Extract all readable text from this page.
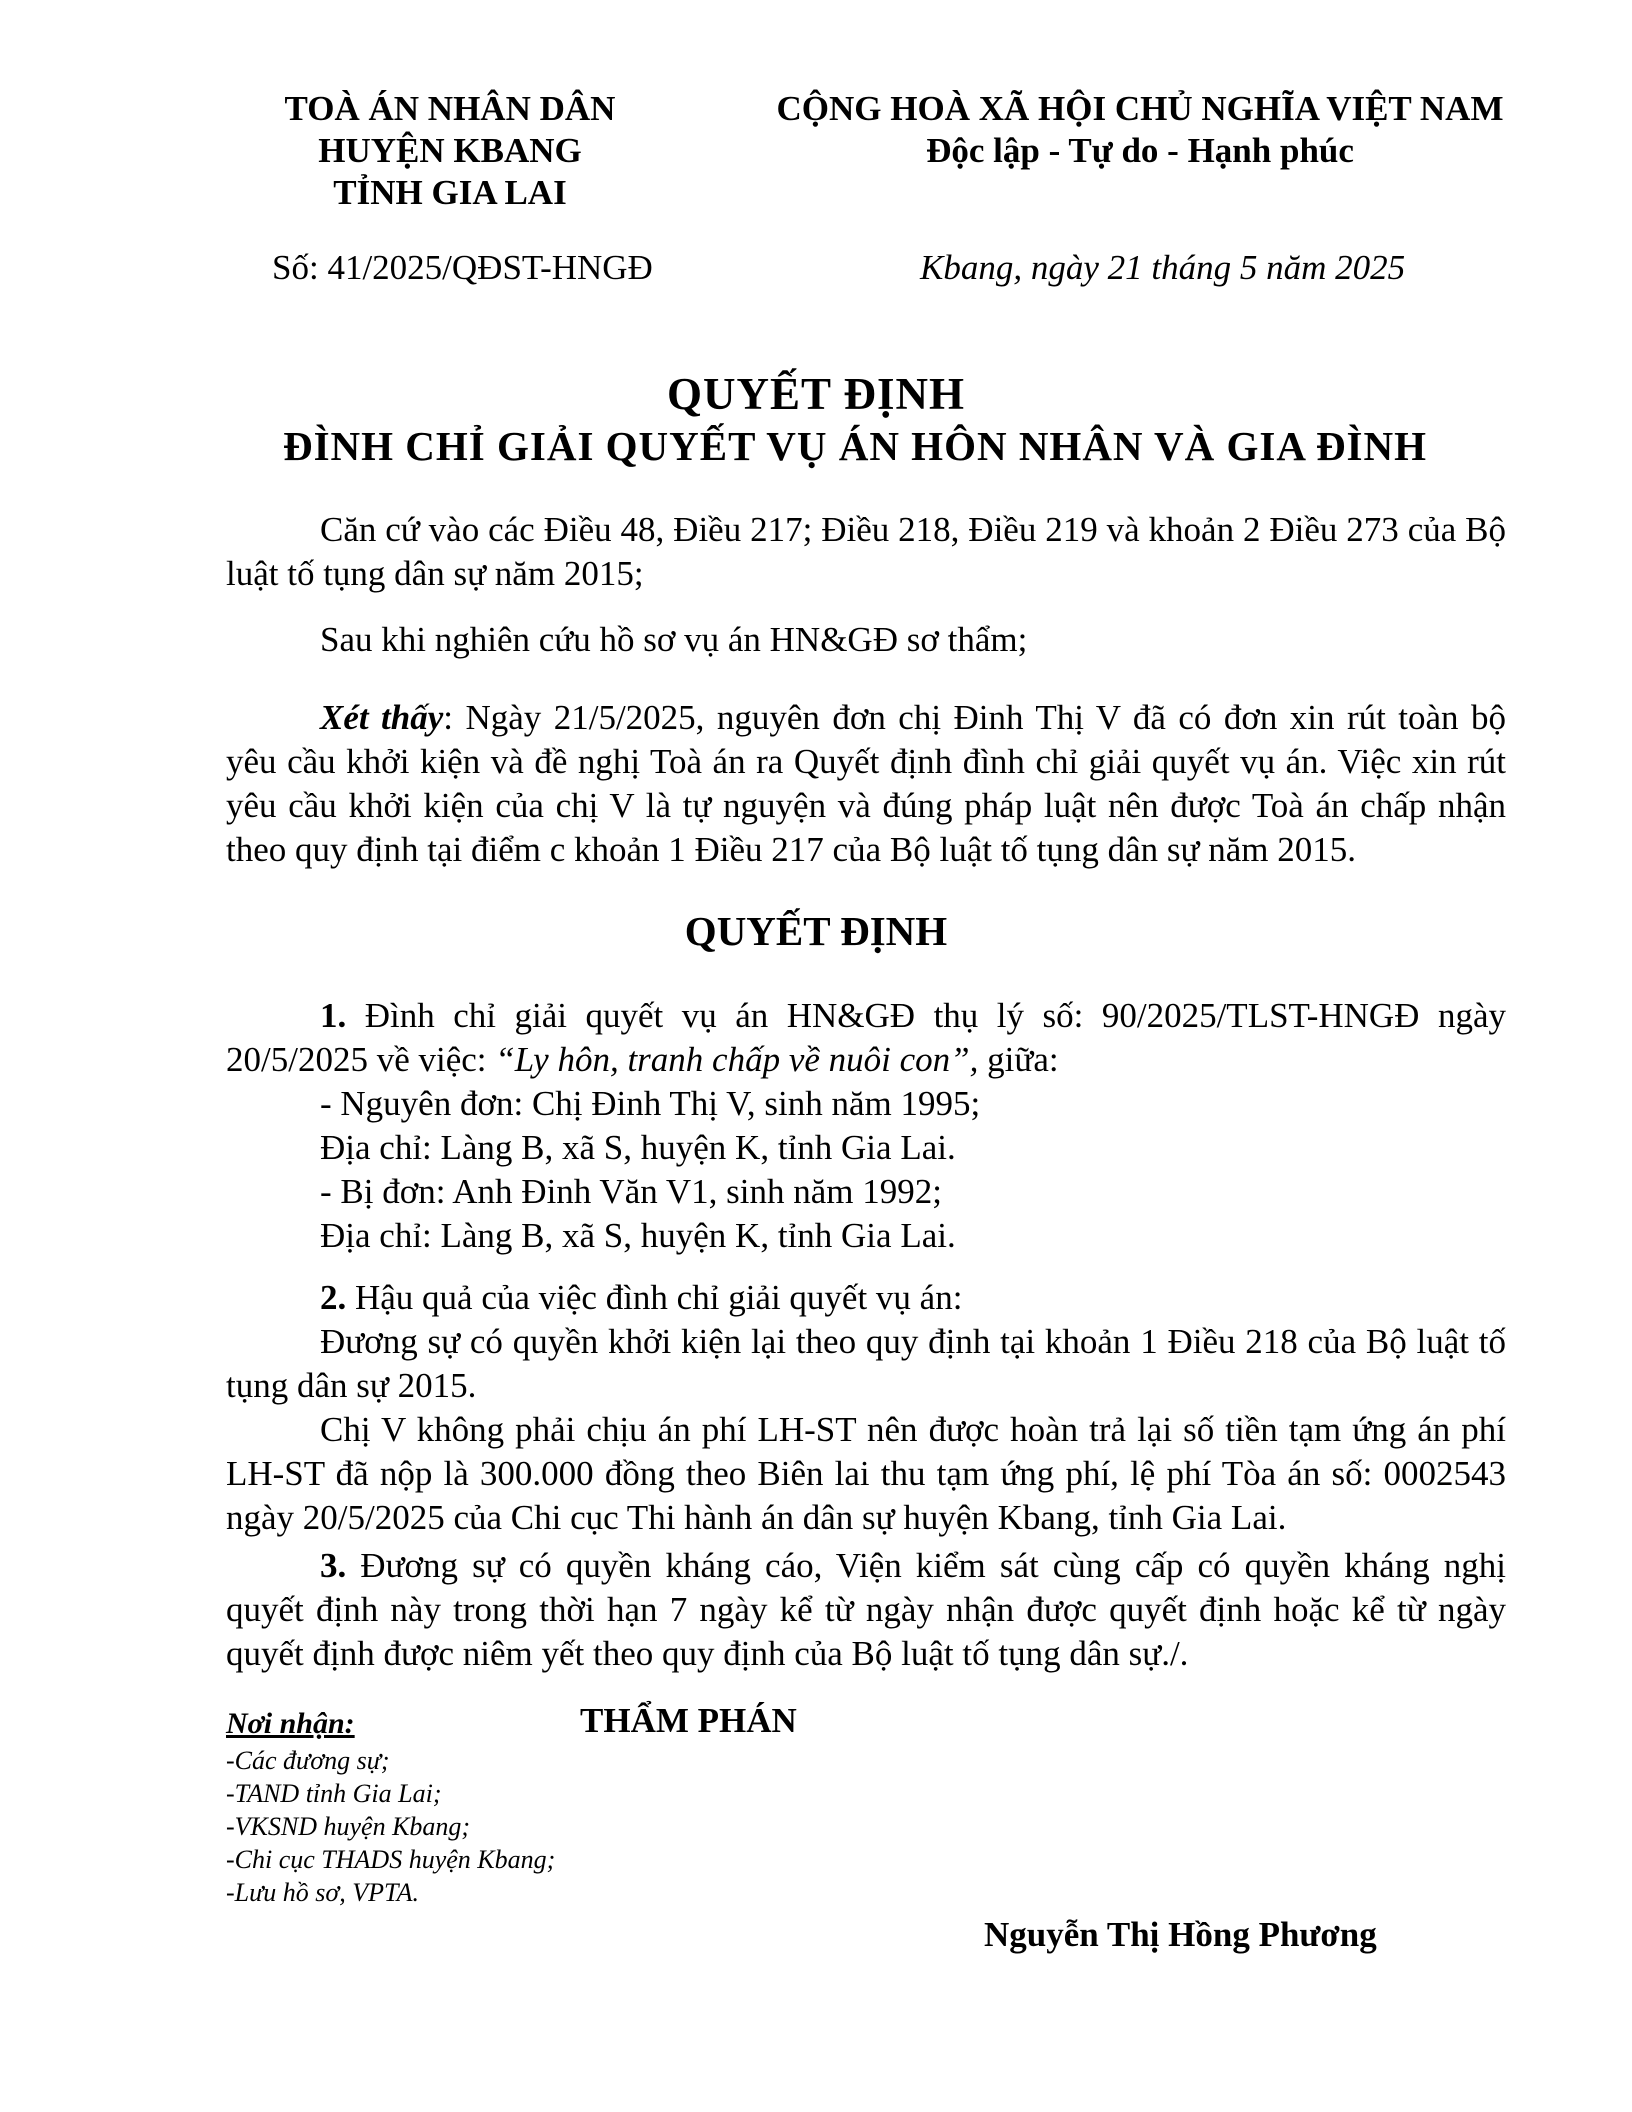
TOÀ ÁN NHÂN DÂN
HUYỆN KBANG
TỈNH GIA LAI
CỘNG HOÀ XÃ HỘI CHỦ NGHĨA VIỆT NAM
Độc lập - Tự do - Hạnh phúc
Số: 41/2025/QĐST-HNGĐ	Kbang, ngày 21 tháng 5 năm 2025
QUYẾT ĐỊNH
ĐÌNH CHỈ GIẢI QUYẾT VỤ ÁN HÔN NHÂN VÀ GIA ĐÌNH
Căn cứ vào các Điều 48, Điều 217; Điều 218, Điều 219 và khoản 2 Điều 273 của Bộ luật tố tụng dân sự năm 2015;
Sau khi nghiên cứu hồ sơ vụ án HN&GĐ sơ thẩm;
Xét thấy: Ngày 21/5/2025, nguyên đơn chị Đinh Thị V đã có đơn xin rút toàn bộ yêu cầu khởi kiện và đề nghị Toà án ra Quyết định đình chỉ giải quyết vụ án. Việc xin rút yêu cầu khởi kiện của chị V là tự nguyện và đúng pháp luật nên được Toà án chấp nhận theo quy định tại điểm c khoản 1 Điều 217 của Bộ luật tố tụng dân sự năm 2015.
QUYẾT ĐỊNH
1. Đình chỉ giải quyết vụ án HN&GĐ thụ lý số: 90/2025/TLST-HNGĐ ngày 20/5/2025 về việc: “Ly hôn, tranh chấp về nuôi con”, giữa:
- Nguyên đơn: Chị Đinh Thị V, sinh năm 1995;
Địa chỉ: Làng B, xã S, huyện K, tỉnh Gia Lai.
- Bị đơn: Anh Đinh Văn V1, sinh năm 1992;
Địa chỉ: Làng B, xã S, huyện K, tỉnh Gia Lai.
2. Hậu quả của việc đình chỉ giải quyết vụ án:
Đương sự có quyền khởi kiện lại theo quy định tại khoản 1 Điều 218 của Bộ luật tố tụng dân sự 2015.
Chị V không phải chịu án phí LH-ST nên được hoàn trả lại số tiền tạm ứng án phí LH-ST đã nộp là 300.000 đồng theo Biên lai thu tạm ứng phí, lệ phí Tòa án số: 0002543 ngày 20/5/2025 của Chi cục Thi hành án dân sự huyện Kbang, tỉnh Gia Lai.
3. Đương sự có quyền kháng cáo, Viện kiểm sát cùng cấp có quyền kháng nghị quyết định này trong thời hạn 7 ngày kể từ ngày nhận được quyết định hoặc kể từ ngày quyết định được niêm yết theo quy định của Bộ luật tố tụng dân sự./.
Nơi nhận:
-Các đương sự;
-TAND tỉnh Gia Lai;
-VKSND huyện Kbang;
-Chi cục THADS huyện Kbang;
-Lưu hồ sơ, VPTA.
THẨM PHÁN
Nguyễn Thị Hồng Phương
